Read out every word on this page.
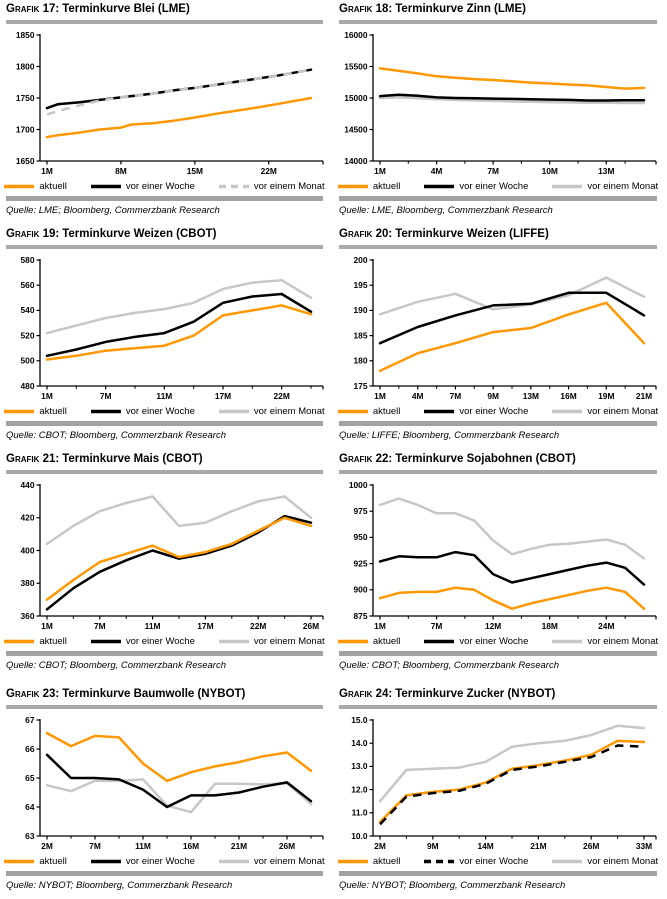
Grafik 17: Terminkurve Blei (LME)
1650
1700
1750
1800
1850
1M	8M	15M	22M
aktuell	vor einer Woche	vor einem Monat
Quelle: LME; Bloomberg, Commerzbank Research
Grafik 18: Terminkurve Zinn (LME)
14000
14500
15000
15500
16000
1M	4M	7M	10M	13M
aktuell	vor einer Woche	vor einem Monat
Quelle: LME, Bloomberg, Commerzbank Research
Grafik 19: Terminkurve Weizen (CBOT)
480
500
520
540
560
580
1M	7M	11M	17M	22M
aktuell	vor einer Woche	vor einem Monat
Quelle: CBOT; Bloomberg, Commerzbank Research
Grafik 20: Terminkurve Weizen (LIFFE)
175
180
185
190
195
200
1M	4M	7M	9M	13M	16M	19M	21M
aktuell	vor einer Woche	vor einem Monat
Quelle: LIFFE; Bloomberg, Commerzbank Research
Grafik 21: Terminkurve Mais (CBOT)
360
380
400
420
440
1M	7M	11M	17M	22M	26M
aktuell	vor einer Woche	vor einem Monat
Quelle: CBOT; Bloomberg, Commerzbank Research
Grafik 22: Terminkurve Sojabohnen (CBOT)
875
900
925
950
975
1000
1M	7M	12M	18M	24M
aktuell	vor einer Woche	vor einem Monat
Quelle: CBOT; Bloomberg, Commerzbank Research
Grafik 23: Terminkurve Baumwolle (NYBOT)
63
64
65
66
67
2M	7M	11M	16M	21M	26M
aktuell	vor einer Woche	vor einem Monat
Quelle: NYBOT; Bloomberg, Commerzbank Research
Grafik 24: Terminkurve Zucker (NYBOT)
10.0
11.0
12.0
13.0
14.0
15.0
2M	9M	14M	21M	26M	33M
aktuell	vor einer Woche	vor einem Monat
Quelle: NYBOT; Bloomberg, Commerzbank Research
